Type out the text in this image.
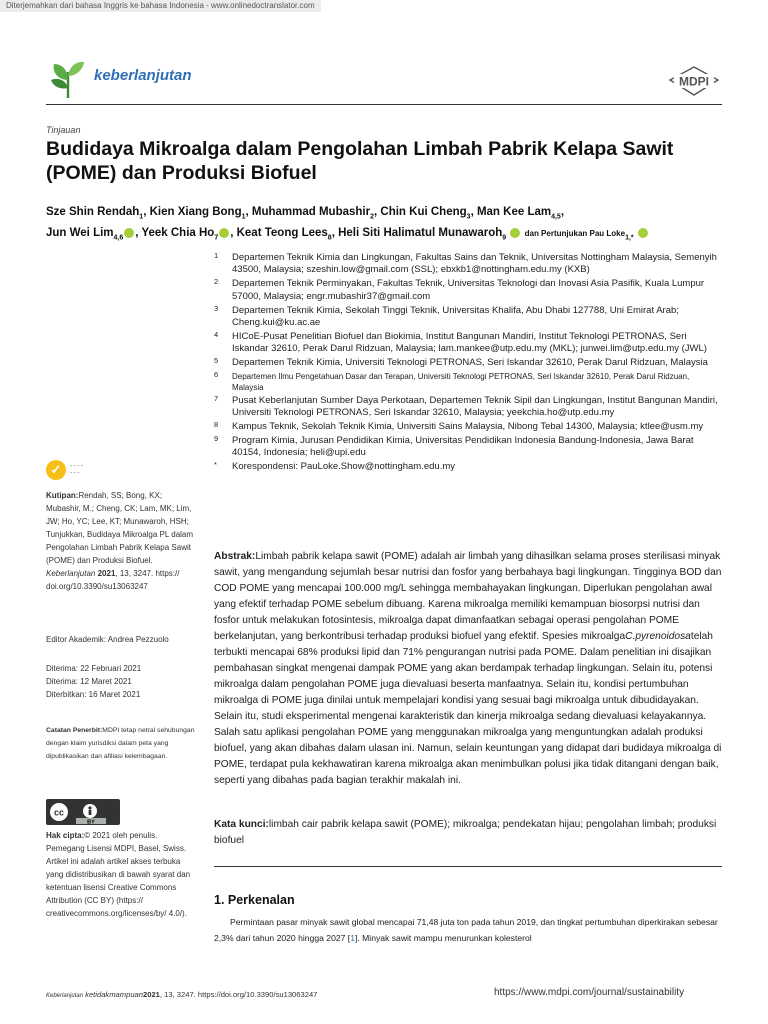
Diterjemahkan dari bahasa Inggris ke bahasa Indonesia - www.onlinedoctranslator.com
keberlanjutan	MDPI
Tinjauan
Budidaya Mikroalga dalam Pengolahan Limbah Pabrik Kelapa Sawit (POME) dan Produksi Biofuel
Sze Shin Rendah$_1$, Kien Xiang Bong$_1$, Muhammad Mubashir$_2$, Chin Kui Cheng$_3$, Man Kee Lam$_{4,5}$,
Jun Wei Lim$_{4,6}$ , Yeek Chia $Ho_7$ , Keat Teong Lees$_8$, Heli Siti Halimatul Munawaroh$_9$ dan Pertunjukan Pau Loke$_{1,*}$
1 Departemen Teknik Kimia dan Lingkungan, Fakultas Sains dan Teknik, Universitas Nottingham Malaysia, Semenyih 43500, Malaysia; szeshin.low@gmail.com (SSL); ebxkb1@nottingham.edu.my (KXB)
2 Departemen Teknik Perminyakan, Fakultas Teknik, Universitas Teknologi dan Inovasi Asia Pasifik, Kuala Lumpur 57000, Malaysia; engr.mubashir37@gmail.com
3 Departemen Teknik Kimia, Sekolah Tinggi Teknik, Universitas Khalifa, Abu Dhabi 127788, Uni Emirat Arab; Cheng.kui@ku.ac.ae
4 HICoE-Pusat Penelitian Biofuel dan Biokimia, Institut Bangunan Mandiri, Institut Teknologi PETRONAS, Seri Iskandar 32610, Perak Darul Ridzuan, Malaysia; lam.mankee@utp.edu.my (MKL); junwei.lim@utp.edu.my (JWL)
5 Departemen Teknik Kimia, Universiti Teknologi PETRONAS, Seri Iskandar 32610, Perak Darul Ridzuan, Malaysia
6 Departemen Ilmu Pengetahuan Dasar dan Terapan, Universiti Teknologi PETRONAS, Seri Iskandar 32610, Perak Darul Ridzuan, Malaysia
7 Pusat Keberlanjutan Sumber Daya Perkotaan, Departemen Teknik Sipil dan Lingkungan, Institut Bangunan Mandiri, Universiti Teknologi PETRONAS, Seri Iskandar 32610, Malaysia; yeekchia.ho@utp.edu.my
8 Kampus Teknik, Sekolah Teknik Kimia, Universiti Sains Malaysia, Nibong Tebal 14300, Malaysia; ktlee@usm.my
9 Program Kimia, Jurusan Pendidikan Kimia, Universitas Pendidikan Indonesia Bandung-Indonesia, Jawa Barat 40154, Indonesia; heli@upi.edu
* Korespondensi: PauLoke.Show@nottingham.edu.my
✓	- - - -
- - -
Kutipan:Rendah, SS; Bong, KX; Mubashir, M.; Cheng, CK; Lam, MK; Lim, JW; Ho, YC; Lee, KT; Munawaroh, HSH; Tunjukkan, Budidaya Mikroalga PL dalam Pengolahan Limbah Pabrik Kelapa Sawit (POME) dan Produksi Biofuel. Keberlanjutan 2021, 13, 3247. https:// doi.org/10.3390/su13063247
Editor Akademik: Andrea Pezzuolo
Diterima: 22 Februari 2021
Diterima: 12 Maret 2021
Diterbitkan: 16 Maret 2021
Catatan Penerbit:MDPI tetap netral sehubungan dengan klaim yurisdiksi dalam peta yang dipublikasikan dan afiliasi kelembagaan.
BY
cc
Hak cipta:© 2021 oleh penulis. Pemegang Lisensi MDPI, Basel, Swiss. Artikel ini adalah artikel akses terbuka yang didistribusikan di bawah syarat dan ketentuan lisensi Creative Commons Attribution (CC BY) (https:// creativecommons.org/licenses/by/ 4.0/).
Abstrak:Limbah pabrik kelapa sawit (POME) adalah air limbah yang dihasilkan selama proses sterilisasi minyak sawit, yang mengandung sejumlah besar nutrisi dan fosfor yang berbahaya bagi lingkungan. Tingginya BOD dan COD POME yang mencapai 100.000 mg/L sehingga membahayakan lingkungan. Diperlukan pengolahan awal yang efektif terhadap POME sebelum dibuang. Karena mikroalga memiliki kemampuan biosorpsi nutrisi dan fosfor untuk melakukan fotosintesis, mikroalga dapat dimanfaatkan sebagai operasi pengolahan POME berkelanjutan, yang berkontribusi terhadap produksi biofuel yang efektif. Spesies mikroalgaC.pyrenoidosatelah terbukti mencapai 68% produksi lipid dan 71% pengurangan nutrisi pada POME. Dalam penelitian ini disajikan pembahasan singkat mengenai dampak POME yang akan berdampak terhadap lingkungan. Selain itu, potensi mikroalga dalam pengolahan POME juga dievaluasi beserta manfaatnya. Selain itu, kondisi pertumbuhan mikroalga di POME juga dinilai untuk mempelajari kondisi yang sesuai bagi mikroalga untuk dibudidayakan. Selain itu, studi eksperimental mengenai karakteristik dan kinerja mikroalga sedang dievaluasi kelayakannya. Salah satu aplikasi pengolahan POME yang menggunakan mikroalga yang menguntungkan adalah produksi biofuel, yang akan dibahas dalam ulasan ini. Namun, selain keuntungan yang didapat dari budidaya mikroalga di POME, terdapat pula kekhawatiran karena mikroalga akan menimbulkan polusi jika tidak ditangani dengan baik, seperti yang dibahas pada bagian terakhir makalah ini.
Kata kunci:limbah cair pabrik kelapa sawit (POME); mikroalga; pendekatan hijau; pengolahan limbah; produksi biofuel
1. Perkenalan
Permintaan pasar minyak sawit global mencapai 71,48 juta ton pada tahun 2019, dan tingkat pertumbuhan diperkirakan sebesar 2,3% dari tahun 2020 hingga 2027 [1]. Minyak sawit mampu menurunkan kolesterol
Keberlanjutan ketidakmampuan2021, 13, 3247. https://doi.org/10.3390/su13063247	https://www.mdpi.com/journal/sustainability
